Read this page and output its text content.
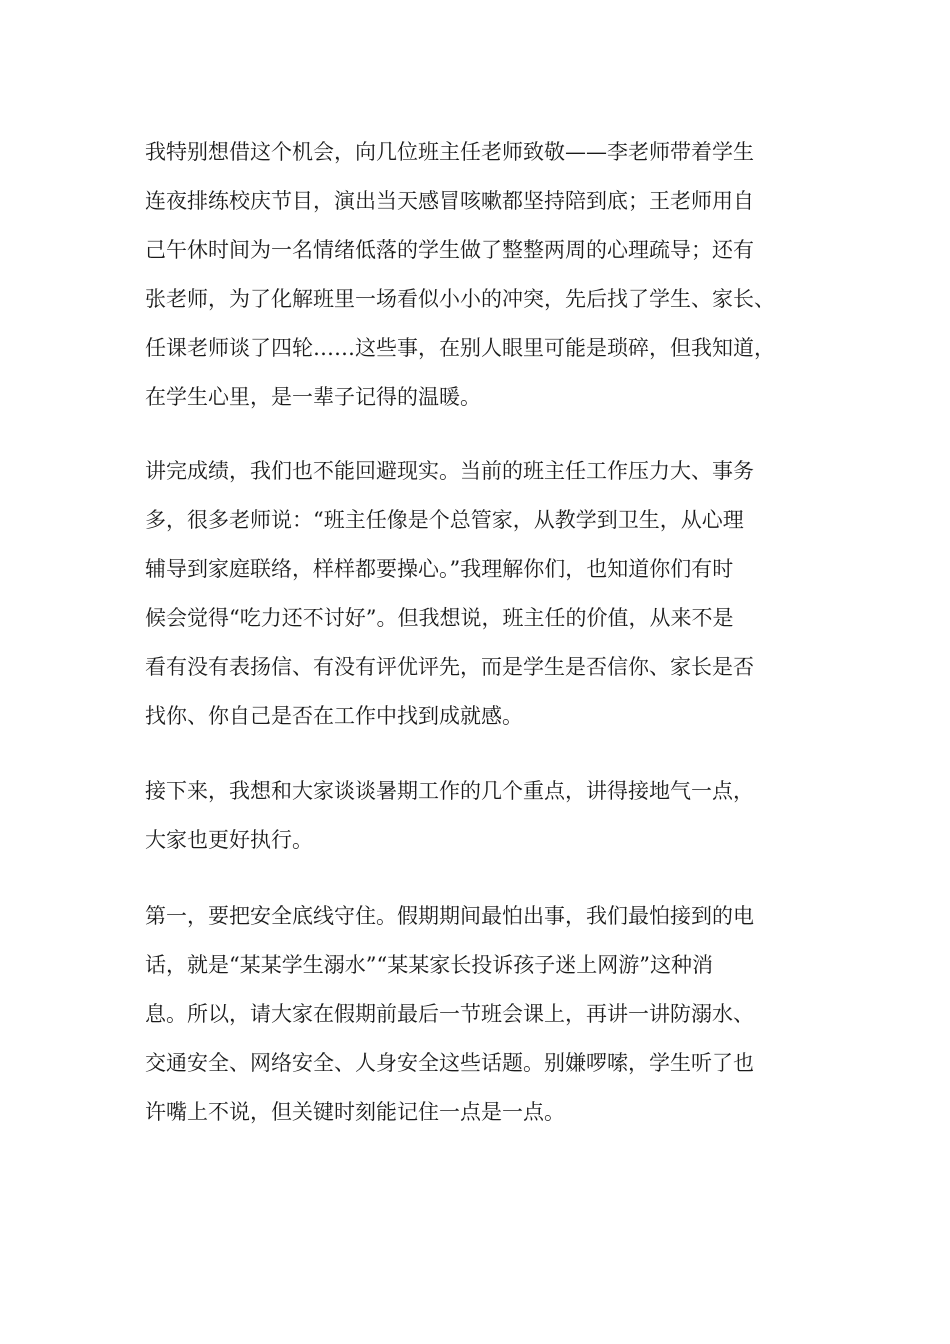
我特别想借这个机会，向几位班主任老师致敬——李老师带着学生
连夜排练校庆节目，演出当天感冒咳嗽都坚持陪到底；王老师用自
己午休时间为一名情绪低落的学生做了整整两周的心理疏导；还有
张老师，为了化解班里一场看似小小的冲突，先后找了学生、家长、
任课老师谈了四轮……这些事，在别人眼里可能是琐碎，但我知道，
在学生心里，是一辈子记得的温暖。
讲完成绩，我们也不能回避现实。当前的班主任工作压力大、事务
多，很多老师说：“班主任像是个总管家，从教学到卫生，从心理
辅导到家庭联络，样样都要操心。”我理解你们，也知道你们有时
候会觉得“吃力还不讨好”。但我想说，班主任的价值，从来不是
看有没有表扬信、有没有评优评先，而是学生是否信你、家长是否
找你、你自己是否在工作中找到成就感。
接下来，我想和大家谈谈暑期工作的几个重点，讲得接地气一点，
大家也更好执行。
第一，要把安全底线守住。假期期间最怕出事，我们最怕接到的电
话，就是“某某学生溺水”“某某家长投诉孩子迷上网游”这种消
息。所以，请大家在假期前最后一节班会课上，再讲一讲防溺水、
交通安全、网络安全、人身安全这些话题。别嫌啰嗦，学生听了也
许嘴上不说，但关键时刻能记住一点是一点。
